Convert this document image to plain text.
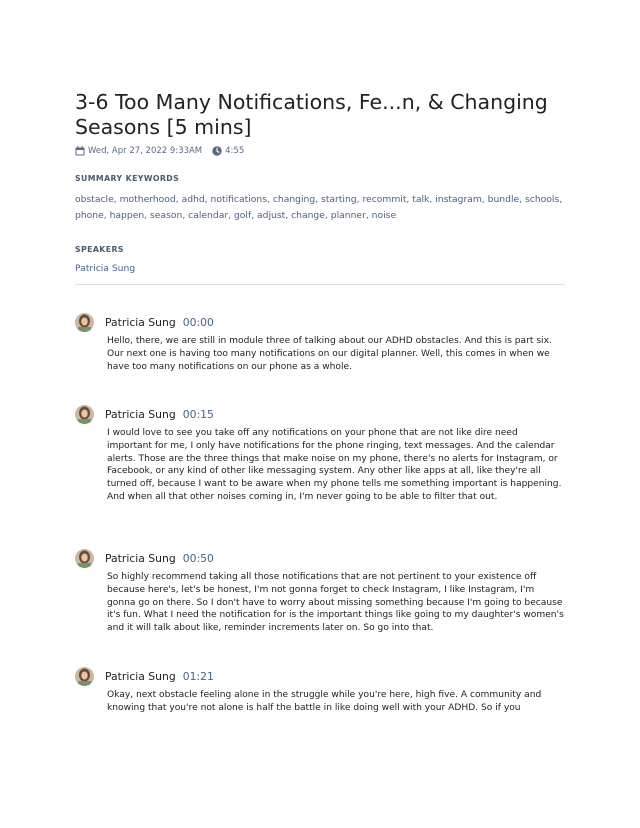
3-6 Too Many Notifications, Fe...n, & Changing Seasons [5 mins]
Wed, Apr 27, 2022 9:33AM	4:55
SUMMARY KEYWORDS
obstacle, motherhood, adhd, notifications, changing, starting, recommit, talk, instagram, bundle, schools, phone, happen, season, calendar, golf, adjust, change, planner, noise
SPEAKERS
Patricia Sung
Patricia Sung 00:00
Hello, there, we are still in module three of talking about our ADHD obstacles. And this is part six. Our next one is having too many notifications on our digital planner. Well, this comes in when we have too many notifications on our phone as a whole.
Patricia Sung 00:15
I would love to see you take off any notifications on your phone that are not like dire need important for me, I only have notifications for the phone ringing, text messages. And the calendar alerts. Those are the three things that make noise on my phone, there's no alerts for Instagram, or Facebook, or any kind of other like messaging system. Any other like apps at all, like they're all turned off, because I want to be aware when my phone tells me something important is happening. And when all that other noises coming in, I'm never going to be able to filter that out.
Patricia Sung 00:50
So highly recommend taking all those notifications that are not pertinent to your existence off because here's, let's be honest, I'm not gonna forget to check Instagram, I like Instagram, I'm gonna go on there. So I don't have to worry about missing something because I'm going to because it's fun. What I need the notification for is the important things like going to my daughter's women's and it will talk about like, reminder increments later on. So go into that.
Patricia Sung 01:21
Okay, next obstacle feeling alone in the struggle while you're here, high five. A community and knowing that you're not alone is half the battle in like doing well with your ADHD. So if you
